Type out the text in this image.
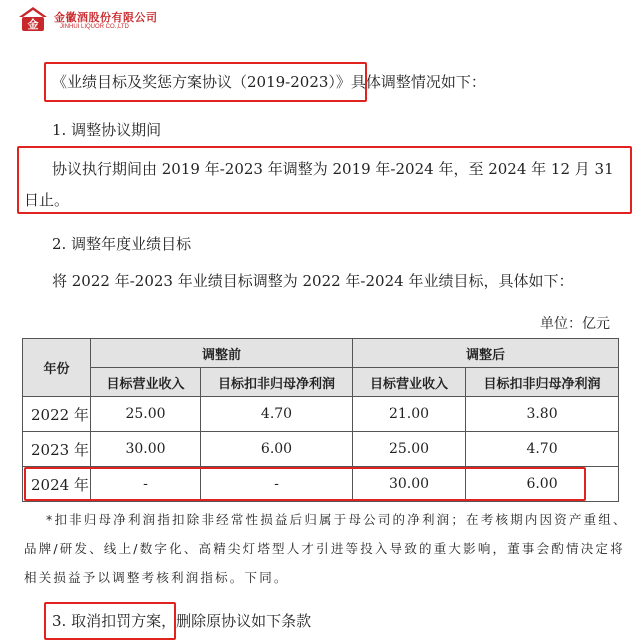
金
金徽酒股份有限公司
JINHUI LIQUOR CO.,LTD
《业绩目标及奖惩方案协议（2019-2023）》具体调整情况如下：
1. 调整协议期间
协议执行期间由 2019 年-2023 年调整为 2019 年-2024 年，至 2024 年 12 月 31
日止。
2. 调整年度业绩目标
将 2022 年-2023 年业绩目标调整为 2022 年-2024 年业绩目标，具体如下：
单位：亿元
年份	调整前		调整后	
	目标营业收入	目标扣非归母净利润	目标营业收入	目标扣非归母净利润
2022 年	25.00	4.70	21.00	3.80
2023 年	30.00	6.00	25.00	4.70
2024 年	-	-	30.00	6.00
*扣非归母净利润指扣除非经常性损益后归属于母公司的净利润；在考核期内因资产重组、
品牌/研发、线上/数字化、高精尖灯塔型人才引进等投入导致的重大影响，董事会酌情决定将
相关损益予以调整考核利润指标。下同。
3. 取消扣罚方案，删除原协议如下条款
